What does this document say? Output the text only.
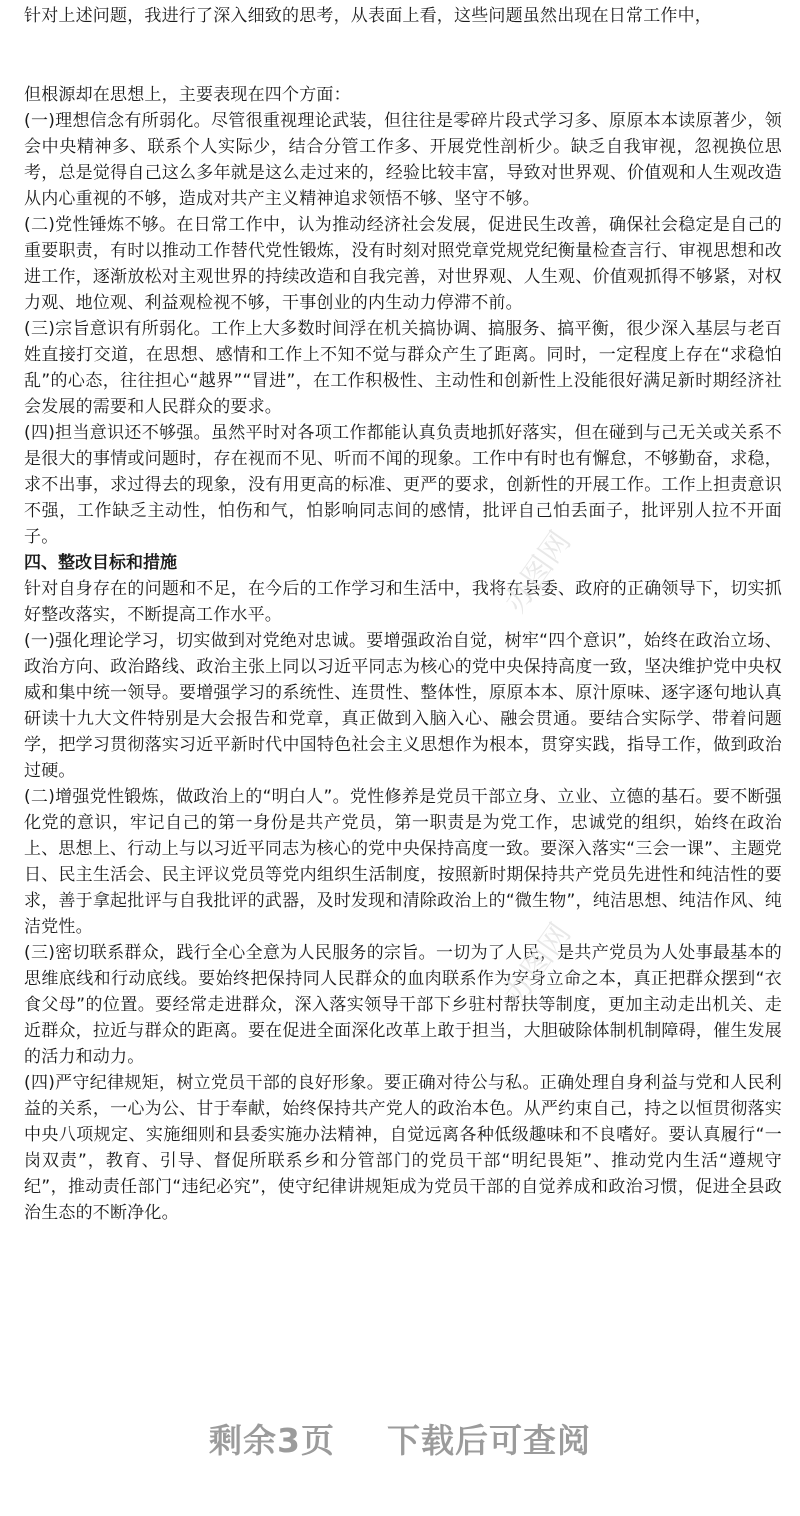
针对上述问题，我进行了深入细致的思考，从表面上看，这些问题虽然出现在日常工作中，

但根源却在思想上，主要表现在四个方面：

(一)理想信念有所弱化。尽管很重视理论武装，但往往是零碎片段式学习多、原原本本读原著少，领会中央精神多、联系个人实际少，结合分管工作多、开展党性剖析少。缺乏自我审视，忽视换位思考，总是觉得自己这么多年就是这么走过来的，经验比较丰富，导致对世界观、价值观和人生观改造从内心重视的不够，造成对共产主义精神追求领悟不够、坚守不够。

(二)党性锤炼不够。在日常工作中，认为推动经济社会发展，促进民生改善，确保社会稳定是自己的重要职责，有时以推动工作替代党性锻炼，没有时刻对照党章党规党纪衡量检查言行、审视思想和改进工作，逐渐放松对主观世界的持续改造和自我完善，对世界观、人生观、价值观抓得不够紧，对权力观、地位观、利益观检视不够，干事创业的内生动力停滞不前。

(三)宗旨意识有所弱化。工作上大多数时间浮在机关搞协调、搞服务、搞平衡，很少深入基层与老百姓直接打交道，在思想、感情和工作上不知不觉与群众产生了距离。同时，一定程度上存在“求稳怕乱”的心态，往往担心“越界”“冒进”，在工作积极性、主动性和创新性上没能很好满足新时期经济社会发展的需要和人民群众的要求。

(四)担当意识还不够强。虽然平时对各项工作都能认真负责地抓好落实，但在碰到与己无关或关系不是很大的事情或问题时，存在视而不见、听而不闻的现象。工作中有时也有懈怠，不够勤奋，求稳，求不出事，求过得去的现象，没有用更高的标准、更严的要求，创新性的开展工作。工作上担责意识不强，工作缺乏主动性，怕伤和气，怕影响同志间的感情，批评自己怕丢面子，批评别人拉不开面子。

四、整改目标和措施

针对自身存在的问题和不足，在今后的工作学习和生活中，我将在县委、政府的正确领导下，切实抓好整改落实，不断提高工作水平。

(一)强化理论学习，切实做到对党绝对忠诚。要增强政治自觉，树牢“四个意识”，始终在政治立场、政治方向、政治路线、政治主张上同以习近平同志为核心的党中央保持高度一致，坚决维护党中央权威和集中统一领导。要增强学习的系统性、连贯性、整体性，原原本本、原汁原味、逐字逐句地认真研读十九大文件特别是大会报告和党章，真正做到入脑入心、融会贯通。要结合实际学、带着问题学，把学习贯彻落实习近平新时代中国特色社会主义思想作为根本，贯穿实践，指导工作，做到政治过硬。

(二)增强党性锻炼，做政治上的“明白人”。党性修养是党员干部立身、立业、立德的基石。要不断强化党的意识，牢记自己的第一身份是共产党员，第一职责是为党工作，忠诚党的组织，始终在政治上、思想上、行动上与以习近平同志为核心的党中央保持高度一致。要深入落实“三会一课”、主题党日、民主生活会、民主评议党员等党内组织生活制度，按照新时期保持共产党员先进性和纯洁性的要求，善于拿起批评与自我批评的武器，及时发现和清除政治上的“微生物”，纯洁思想、纯洁作风、纯洁党性。

(三)密切联系群众，践行全心全意为人民服务的宗旨。一切为了人民，是共产党员为人处事最基本的思维底线和行动底线。要始终把保持同人民群众的血肉联系作为安身立命之本，真正把群众摆到“衣食父母”的位置。要经常走进群众，深入落实领导干部下乡驻村帮扶等制度，更加主动走出机关、走近群众，拉近与群众的距离。要在促进全面深化改革上敢于担当，大胆破除体制机制障碍，催生发展的活力和动力。

(四)严守纪律规矩，树立党员干部的良好形象。要正确对待公与私。正确处理自身利益与党和人民利益的关系，一心为公、甘于奉献，始终保持共产党人的政治本色。从严约束自己，持之以恒贯彻落实中央八项规定、实施细则和县委实施办法精神，自觉远离各种低级趣味和不良嗜好。要认真履行“一岗双责”，教育、引导、督促所联系乡和分管部门的党员干部“明纪畏矩”、推动党内生活“遵规守纪”，推动责任部门“违纪必究”，使守纪律讲规矩成为党员干部的自觉养成和政治习惯，促进全县政治生态的不断净化。

办图网
办图网
剩余3页 下载后可查阅
